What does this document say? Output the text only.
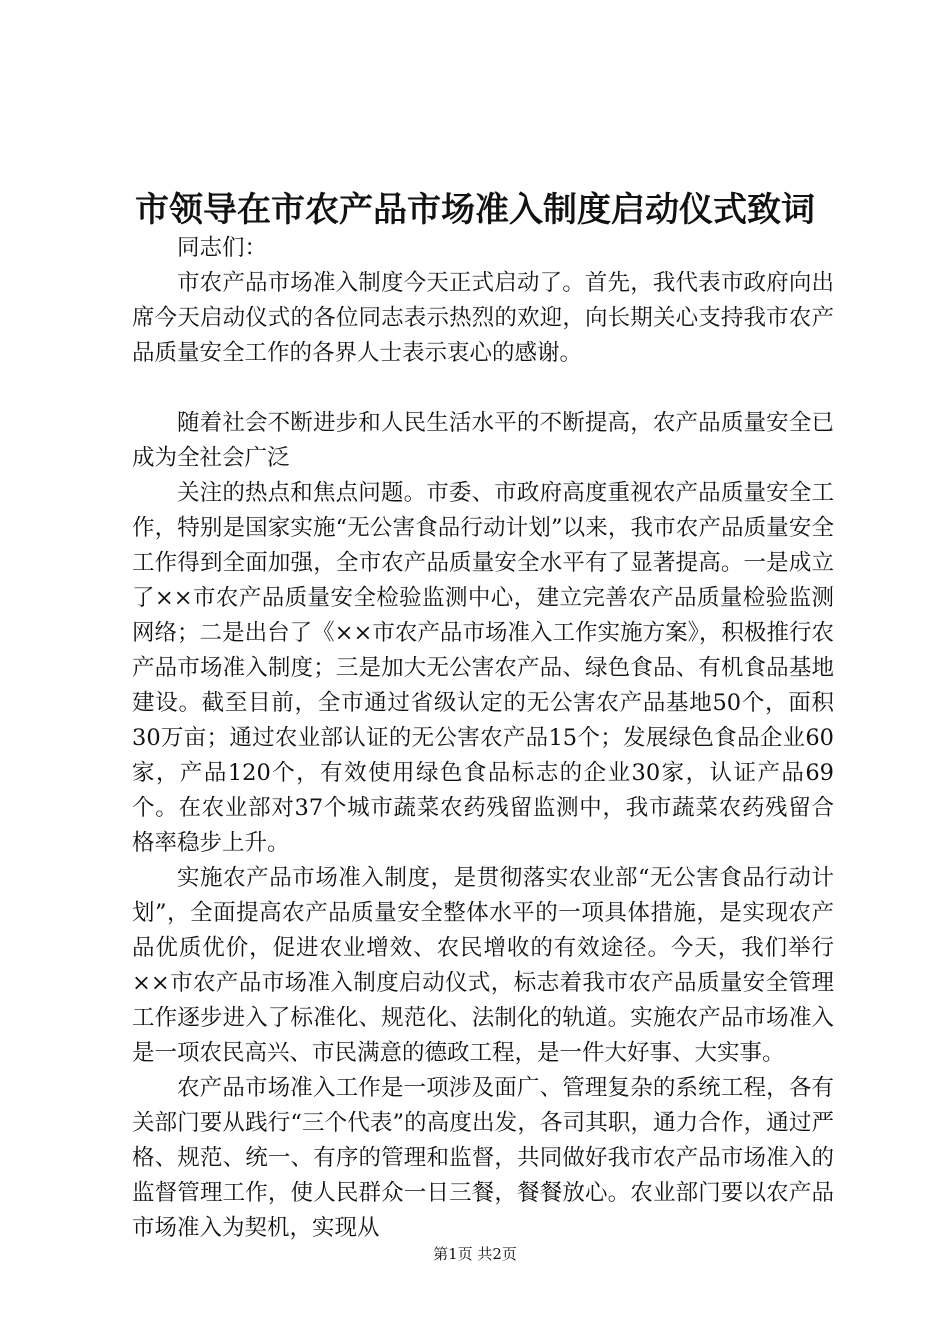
市领导在市农产品市场准入制度启动仪式致词

同志们：

市农产品市场准入制度今天正式启动了。首先，我代表市政府向出席今天启动仪式的各位同志表示热烈的欢迎，向长期关心支持我市农产品质量安全工作的各界人士表示衷心的感谢。

随着社会不断进步和人民生活水平的不断提高，农产品质量安全已成为全社会广泛

关注的热点和焦点问题。市委、市政府高度重视农产品质量安全工作，特别是国家实施“无公害食品行动计划”以来，我市农产品质量安全工作得到全面加强，全市农产品质量安全水平有了显著提高。一是成立了××市农产品质量安全检验监测中心，建立完善农产品质量检验监测网络；二是出台了《××市农产品市场准入工作实施方案》，积极推行农产品市场准入制度；三是加大无公害农产品、绿色食品、有机食品基地建设。截至目前，全市通过省级认定的无公害农产品基地50个，面积30万亩；通过农业部认证的无公害农产品15个；发展绿色食品企业60家，产品120个，有效使用绿色食品标志的企业30家，认证产品69个。在农业部对37个城市蔬菜农药残留监测中，我市蔬菜农药残留合格率稳步上升。

实施农产品市场准入制度，是贯彻落实农业部“无公害食品行动计划”，全面提高农产品质量安全整体水平的一项具体措施，是实现农产品优质优价，促进农业增效、农民增收的有效途径。今天，我们举行××市农产品市场准入制度启动仪式，标志着我市农产品质量安全管理工作逐步进入了标准化、规范化、法制化的轨道。实施农产品市场准入是一项农民高兴、市民满意的德政工程，是一件大好事、大实事。

农产品市场准入工作是一项涉及面广、管理复杂的系统工程，各有关部门要从践行“三个代表”的高度出发，各司其职，通力合作，通过严格、规范、统一、有序的管理和监督，共同做好我市农产品市场准入的监督管理工作，使人民群众一日三餐，餐餐放心。农业部门要以农产品市场准入为契机，实现从

第1页 共2页
